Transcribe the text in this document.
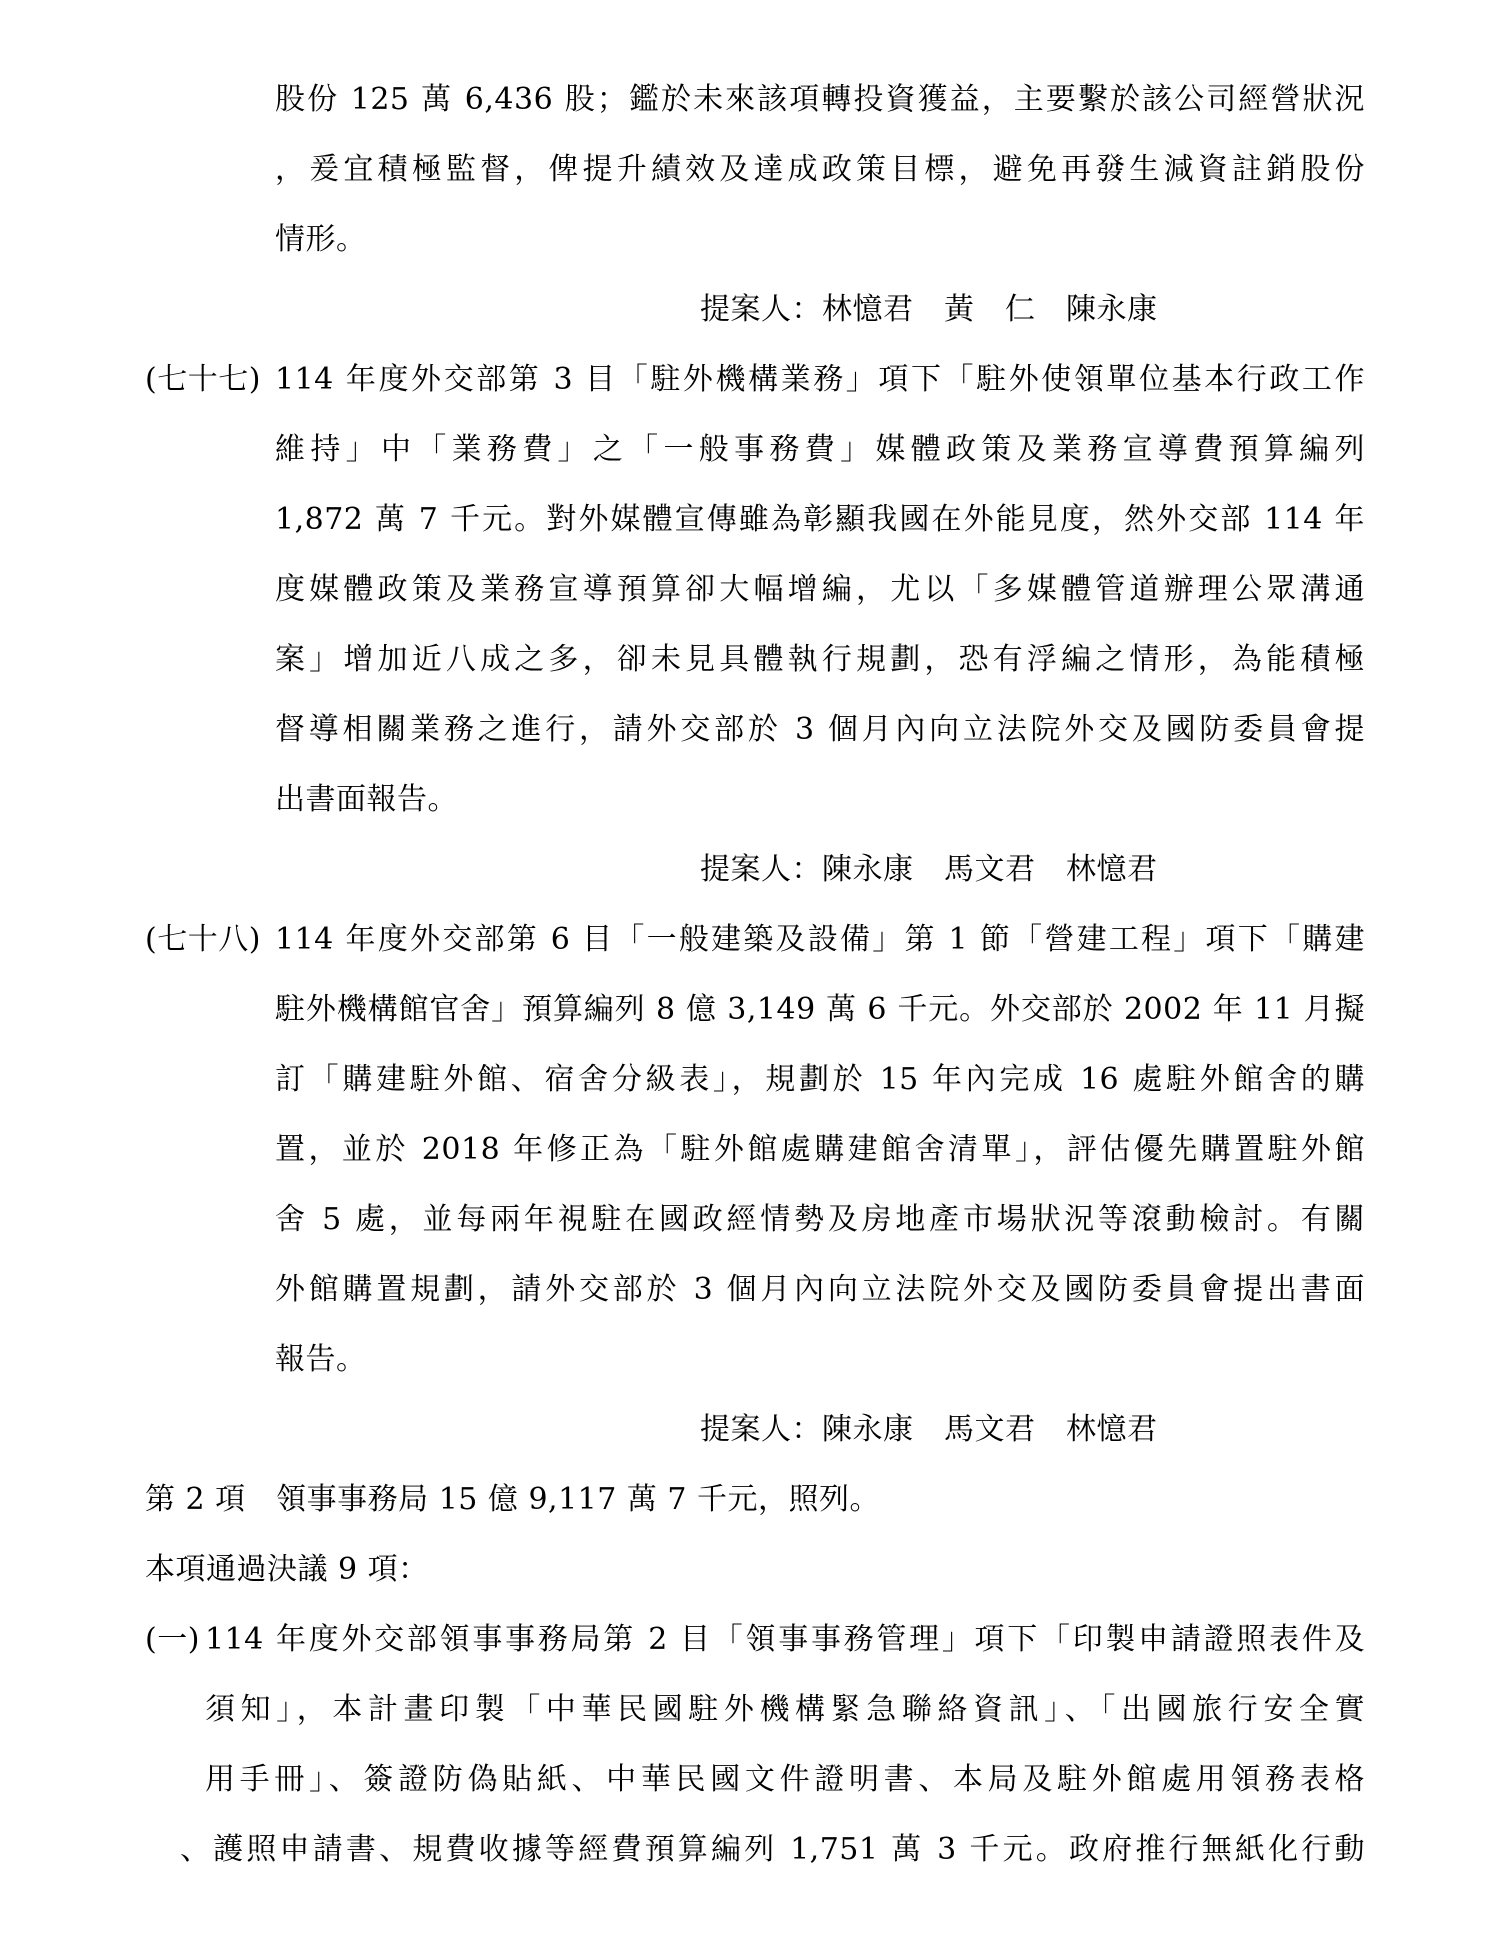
股份 125 萬 6,436 股；鑑於未來該項轉投資獲益，主要繫於該公司經營狀況
，爰宜積極監督，俾提升績效及達成政策目標，避免再發生減資註銷股份
情形。
提案人：林憶君　黃　仁　陳永康
(七十七) 114 年度外交部第 3 目「駐外機構業務」項下「駐外使領單位基本行政工作
維持」中「業務費」之「一般事務費」媒體政策及業務宣導費預算編列
1,872 萬 7 千元。對外媒體宣傳雖為彰顯我國在外能見度，然外交部 114 年
度媒體政策及業務宣導預算卻大幅增編，尤以「多媒體管道辦理公眾溝通
案」增加近八成之多，卻未見具體執行規劃，恐有浮編之情形，為能積極
督導相關業務之進行，請外交部於 3 個月內向立法院外交及國防委員會提
出書面報告。
提案人：陳永康　馬文君　林憶君
(七十八) 114 年度外交部第 6 目「一般建築及設備」第 1 節「營建工程」項下「購建
駐外機構館官舍」預算編列 8 億 3,149 萬 6 千元。外交部於 2002 年 11 月擬
訂「購建駐外館、宿舍分級表」，規劃於 15 年內完成 16 處駐外館舍的購
置，並於 2018 年修正為「駐外館處購建館舍清單」，評估優先購置駐外館
舍 5 處，並每兩年視駐在國政經情勢及房地產市場狀況等滾動檢討。有關
外館購置規劃，請外交部於 3 個月內向立法院外交及國防委員會提出書面
報告。
提案人：陳永康　馬文君　林憶君
第 2 項　領事事務局 15 億 9,117 萬 7 千元，照列。
本項通過決議 9 項：
(一) 114 年度外交部領事事務局第 2 目「領事事務管理」項下「印製申請證照表件及
須知」，本計畫印製「中華民國駐外機構緊急聯絡資訊」、「出國旅行安全實
用手冊」、簽證防偽貼紙、中華民國文件證明書、本局及駐外館處用領務表格
、護照申請書、規費收據等經費預算編列 1,751 萬 3 千元。政府推行無紙化行動
